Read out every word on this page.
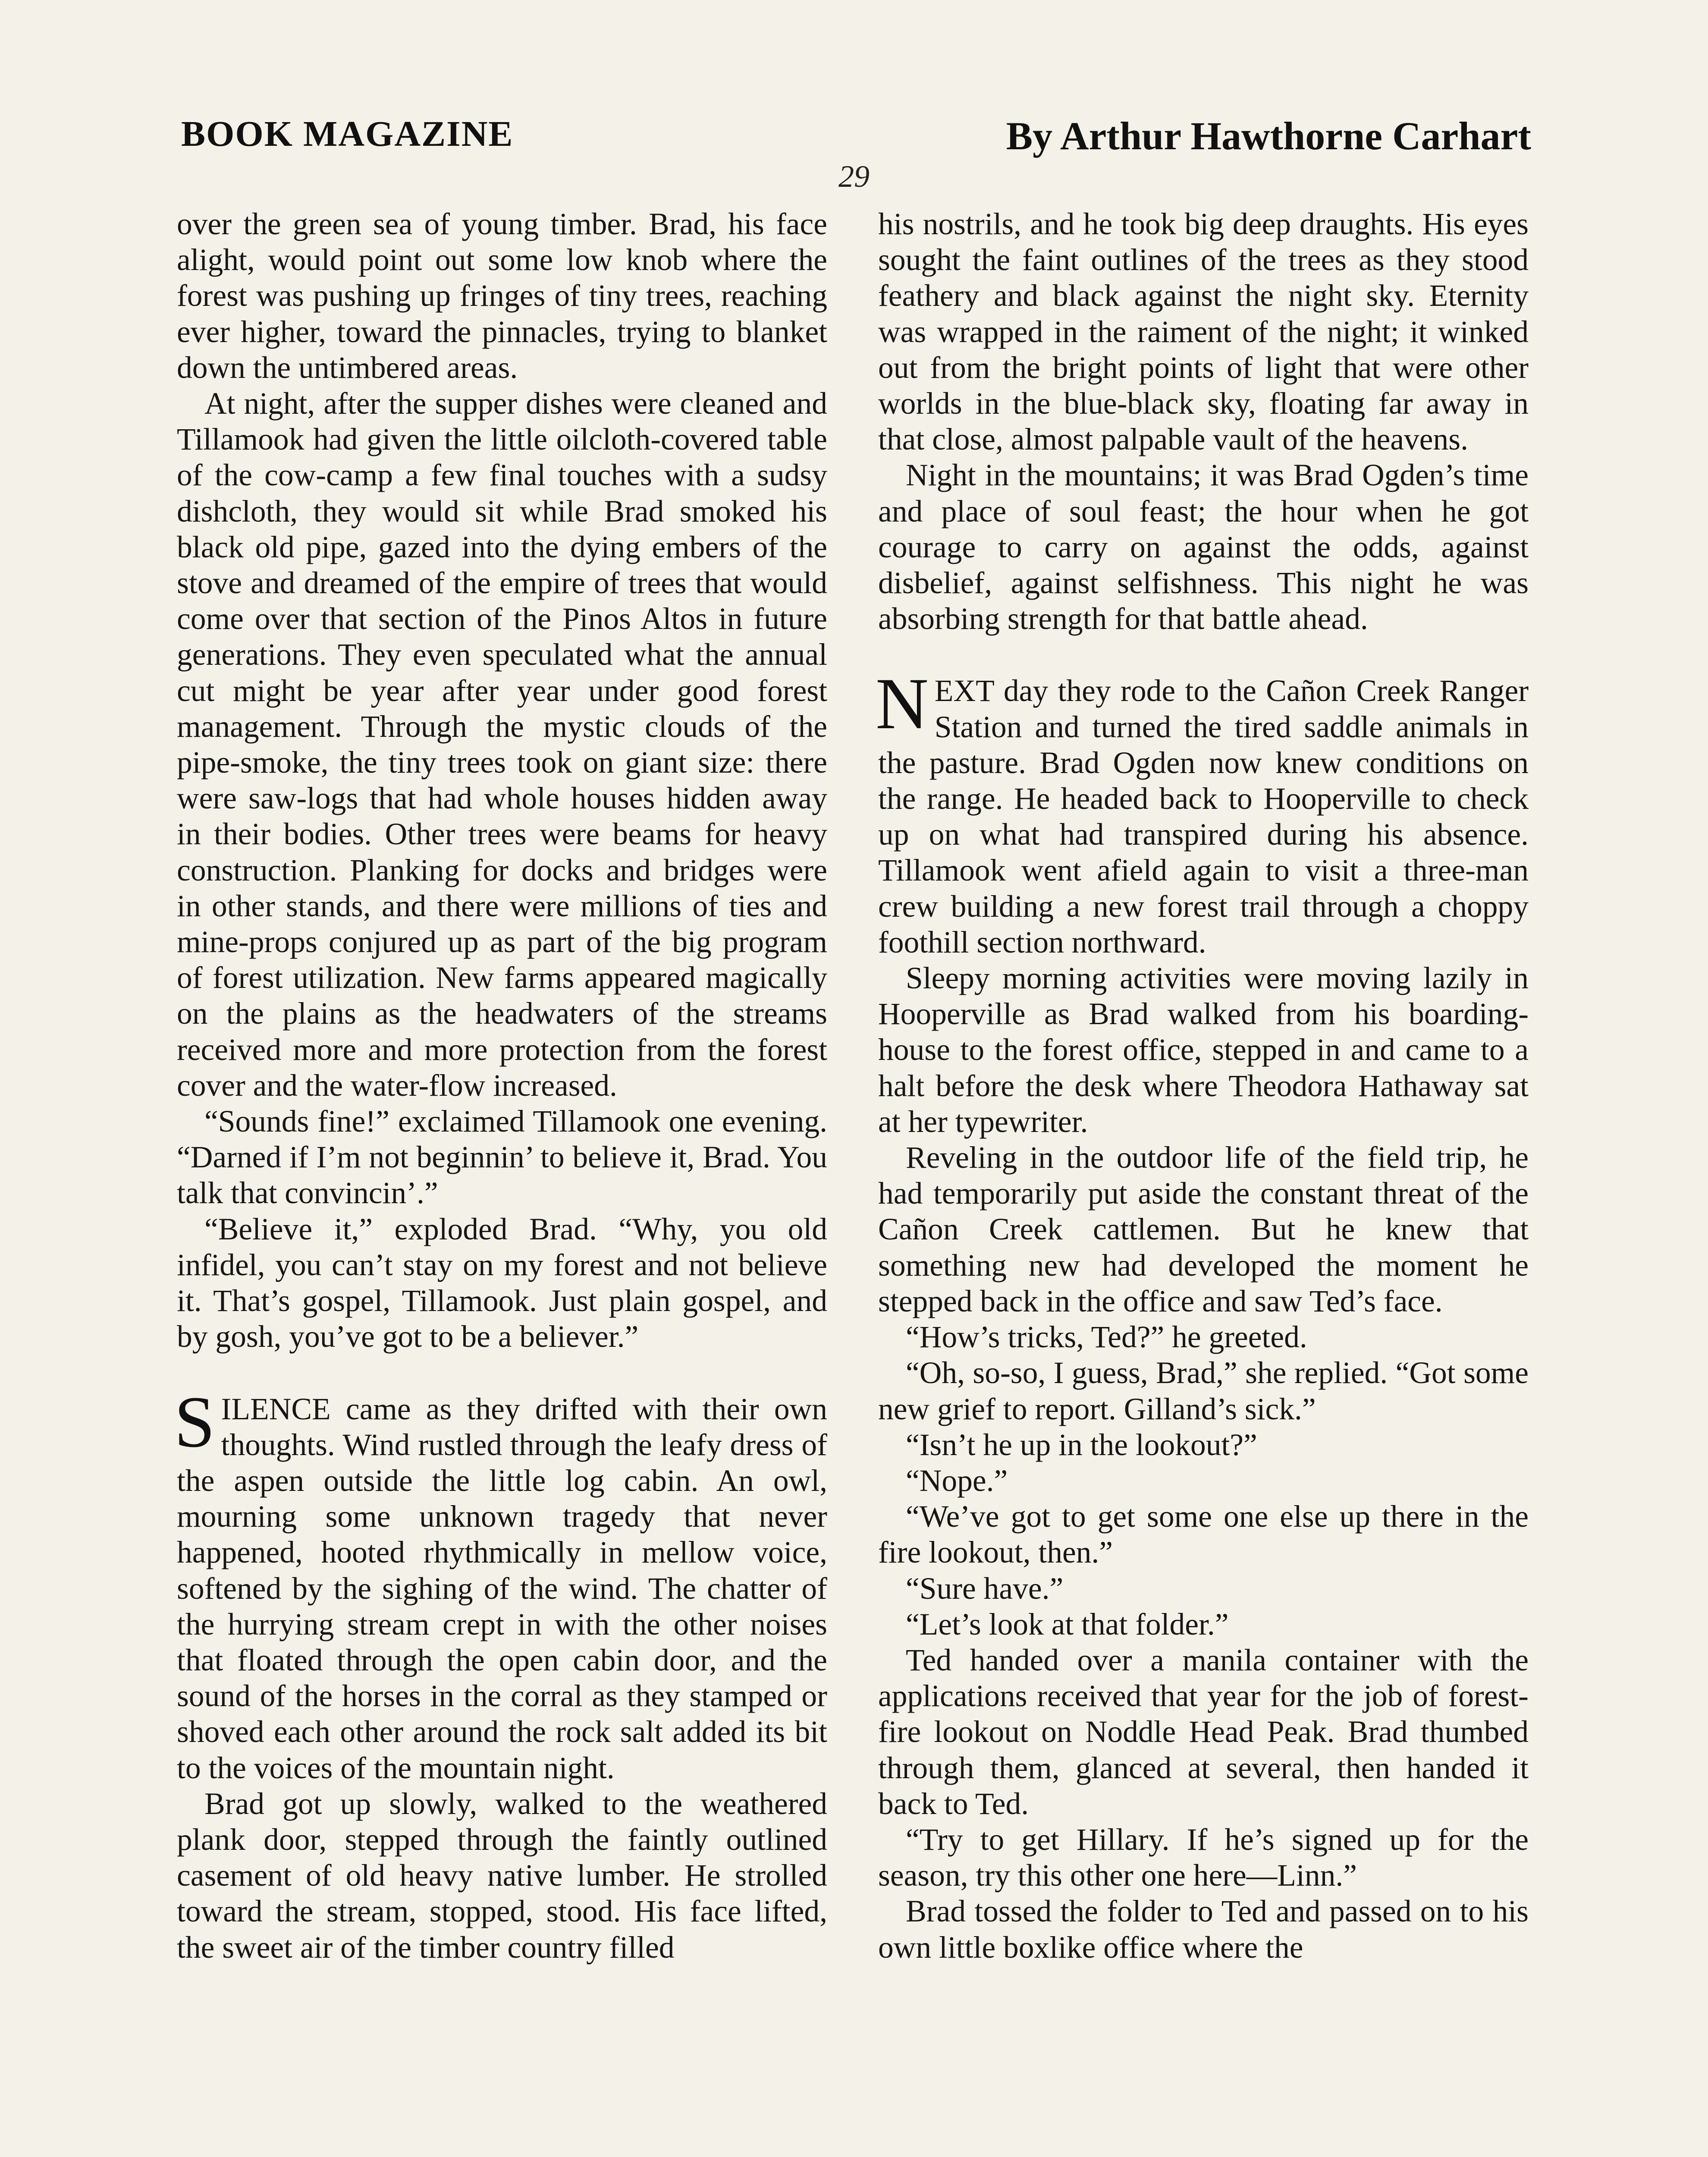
BOOK MAGAZINE	By Arthur Hawthorne Carhart
29

over the green sea of young timber. Brad, his face alight, would point out some low knob where the forest was pushing up fringes of tiny trees, reaching ever higher, toward the pinnacles, trying to blanket down the untimbered areas.

At night, after the supper dishes were cleaned and Tillamook had given the little oilcloth-covered table of the cow-camp a few final touches with a sudsy dishcloth, they would sit while Brad smoked his black old pipe, gazed into the dying embers of the stove and dreamed of the empire of trees that would come over that section of the Pinos Altos in future generations. They even speculated what the annual cut might be year after year under good forest management. Through the mystic clouds of the pipe-smoke, the tiny trees took on giant size: there were saw-logs that had whole houses hidden away in their bodies. Other trees were beams for heavy construction. Planking for docks and bridges were in other stands, and there were millions of ties and mine-props conjured up as part of the big program of forest utilization. New farms appeared magically on the plains as the headwaters of the streams received more and more protection from the forest cover and the water-flow increased.

“Sounds fine!” exclaimed Tillamook one evening. “Darned if I’m not beginnin’ to believe it, Brad. You talk that convincin’.”

“Believe it,” exploded Brad. “Why, you old infidel, you can’t stay on my forest and not believe it. That’s gospel, Tillamook. Just plain gospel, and by gosh, you’ve got to be a believer.”

SILENCE came as they drifted with their own thoughts. Wind rustled through the leafy dress of the aspen outside the little log cabin. An owl, mourning some unknown tragedy that never happened, hooted rhythmically in mellow voice, softened by the sighing of the wind. The chatter of the hurrying stream crept in with the other noises that floated through the open cabin door, and the sound of the horses in the corral as they stamped or shoved each other around the rock salt added its bit to the voices of the mountain night.

Brad got up slowly, walked to the weathered plank door, stepped through the faintly outlined casement of old heavy native lumber. He strolled toward the stream, stopped, stood. His face lifted, the sweet air of the timber country filled

his nostrils, and he took big deep draughts. His eyes sought the faint outlines of the trees as they stood feathery and black against the night sky. Eternity was wrapped in the raiment of the night; it winked out from the bright points of light that were other worlds in the blue-black sky, floating far away in that close, almost palpable vault of the heavens.

Night in the mountains; it was Brad Ogden’s time and place of soul feast; the hour when he got courage to carry on against the odds, against disbelief, against selfishness. This night he was absorbing strength for that battle ahead.

NEXT day they rode to the Cañon Creek Ranger Station and turned the tired saddle animals in the pasture. Brad Ogden now knew conditions on the range. He headed back to Hooperville to check up on what had transpired during his absence. Tillamook went afield again to visit a three-man crew building a new forest trail through a choppy foothill section northward.

Sleepy morning activities were moving lazily in Hooperville as Brad walked from his boarding-house to the forest office, stepped in and came to a halt before the desk where Theodora Hathaway sat at her typewriter.

Reveling in the outdoor life of the field trip, he had temporarily put aside the constant threat of the Cañon Creek cattlemen. But he knew that something new had developed the moment he stepped back in the office and saw Ted’s face.

“How’s tricks, Ted?” he greeted.

“Oh, so-so, I guess, Brad,” she replied. “Got some new grief to report. Gilland’s sick.”

“Isn’t he up in the lookout?”

“Nope.”

“We’ve got to get some one else up there in the fire lookout, then.”

“Sure have.”

“Let’s look at that folder.”

Ted handed over a manila container with the applications received that year for the job of forest-fire lookout on Noddle Head Peak. Brad thumbed through them, glanced at several, then handed it back to Ted.

“Try to get Hillary. If he’s signed up for the season, try this other one here—Linn.”

Brad tossed the folder to Ted and passed on to his own little boxlike office where the
